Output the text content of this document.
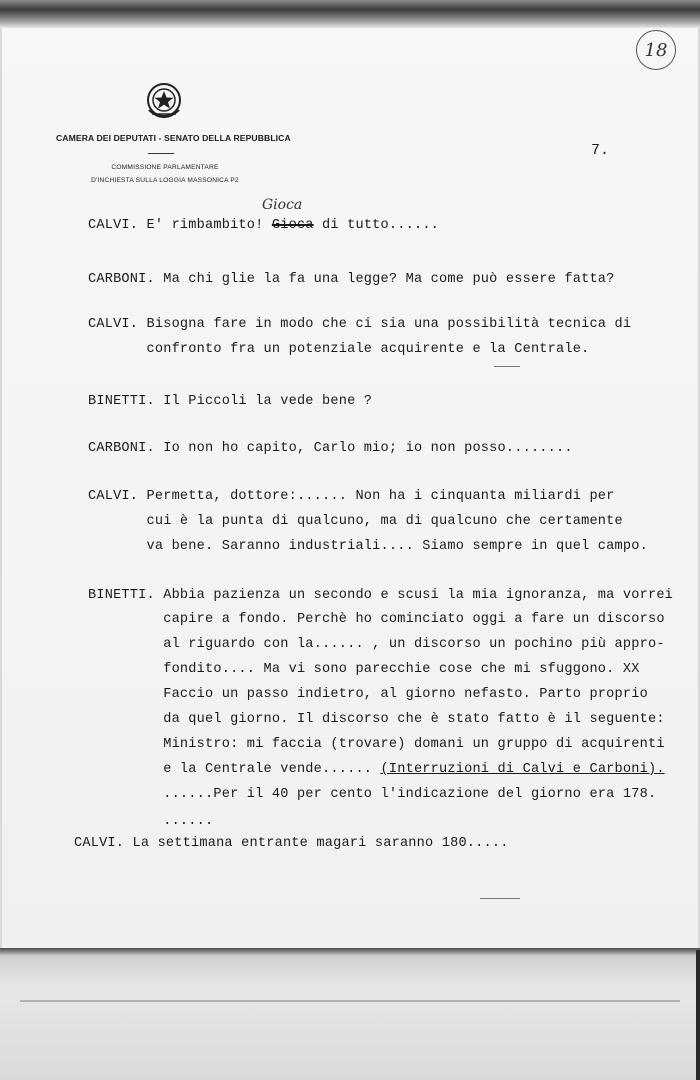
18
CAMERA DEI DEPUTATI - SENATO DELLA REPUBBLICA
COMMISSIONE PARLAMENTARE
D'INCHIESTA SULLA LOGGIA MASSONICA P2
7.
Gioca
CALVI. E' rimbambito! Gioca di tutto......
CARBONI. Ma chi glie la fa una legge? Ma come può essere fatta?
CALVI. Bisogna fare in modo che ci sia una possibilità tecnica di
confronto fra un potenziale acquirente e la Centrale.
BINETTI. Il Piccoli la vede bene ?
CARBONI. Io non ho capito, Carlo mio; io non posso........
CALVI. Permetta, dottore:...... Non ha i cinquanta miliardi per
cui è la punta di qualcuno, ma di qualcuno che certamente
va bene. Saranno industriali.... Siamo sempre in quel campo.
BINETTI. Abbia pazienza un secondo e scusi la mia ignoranza, ma vorrei
capire a fondo. Perchè ho cominciato oggi a fare un discorso
al riguardo con la...... , un discorso un pochino più appro-
fondito.... Ma vi sono parecchie cose che mi sfuggono. XX
Faccio un passo indietro, al giorno nefasto. Parto proprio
da quel giorno. Il discorso che è stato fatto è il seguente:
Ministro: mi faccia (trovare) domani un gruppo di acquirenti
e la Centrale vende...... (Interruzioni di Calvi e Carboni).
......Per il 40 per cento l'indicazione del giorno era 178.
......
CALVI. La settimana entrante magari saranno 180.....
